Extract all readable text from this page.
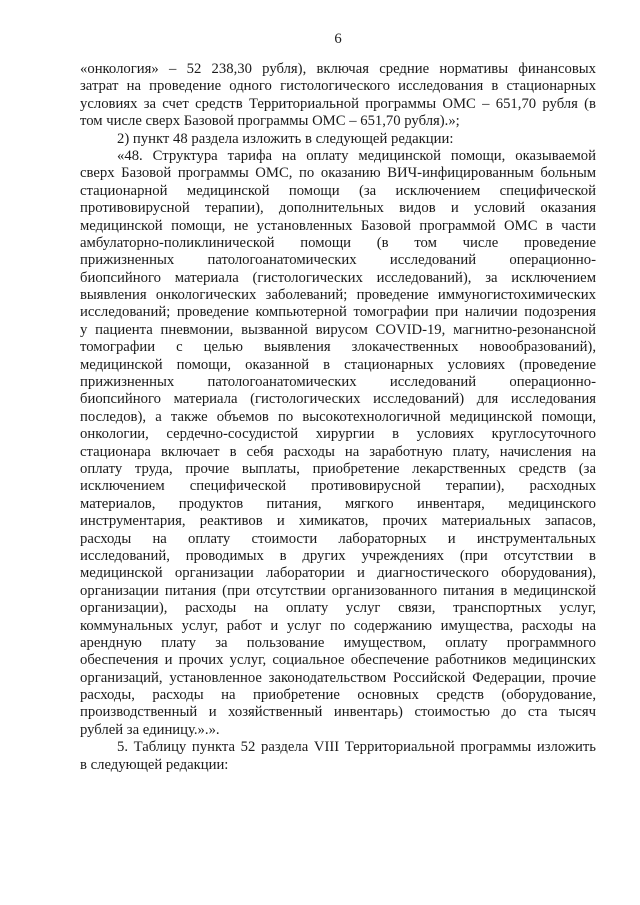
6
«онкология» – 52 238,30 рубля), включая средние нормативы финансовых
затрат на проведение одного гистологического исследования в стационарных
условиях за счет средств Территориальной программы ОМС – 651,70 рубля (в
том числе сверх Базовой программы ОМС – 651,70 рубля).»;
2) пункт 48 раздела изложить в следующей редакции:
«48. Структура тарифа на оплату медицинской помощи, оказываемой
сверх Базовой программы ОМС, по оказанию ВИЧ-инфицированным больным
стационарной медицинской помощи (за исключением специфической
противовирусной терапии), дополнительных видов и условий оказания
медицинской помощи, не установленных Базовой программой ОМС в части
амбулаторно-поликлинической помощи (в том числе проведение
прижизненных патологоанатомических исследований операционно-
биопсийного материала (гистологических исследований), за исключением
выявления онкологических заболеваний; проведение иммуногистохимических
исследований; проведение компьютерной томографии при наличии подозрения
у пациента пневмонии, вызванной вирусом COVID-19, магнитно-резонансной
томографии с целью выявления злокачественных новообразований),
медицинской помощи, оказанной в стационарных условиях (проведение
прижизненных патологоанатомических исследований операционно-
биопсийного материала (гистологических исследований) для исследования
последов), а также объемов по высокотехнологичной медицинской помощи,
онкологии, сердечно-сосудистой хирургии в условиях круглосуточного
стационара включает в себя расходы на заработную плату, начисления на
оплату труда, прочие выплаты, приобретение лекарственных средств (за
исключением специфической противовирусной терапии), расходных
материалов, продуктов питания, мягкого инвентаря, медицинского
инструментария, реактивов и химикатов, прочих материальных запасов,
расходы на оплату стоимости лабораторных и инструментальных
исследований, проводимых в других учреждениях (при отсутствии в
медицинской организации лаборатории и диагностического оборудования),
организации питания (при отсутствии организованного питания в медицинской
организации), расходы на оплату услуг связи, транспортных услуг,
коммунальных услуг, работ и услуг по содержанию имущества, расходы на
арендную плату за пользование имуществом, оплату программного
обеспечения и прочих услуг, социальное обеспечение работников медицинских
организаций, установленное законодательством Российской Федерации, прочие
расходы, расходы на приобретение основных средств (оборудование,
производственный и хозяйственный инвентарь) стоимостью до ста тысяч
рублей за единицу.».».
5. Таблицу пункта 52 раздела VIII Территориальной программы изложить
в следующей редакции:
